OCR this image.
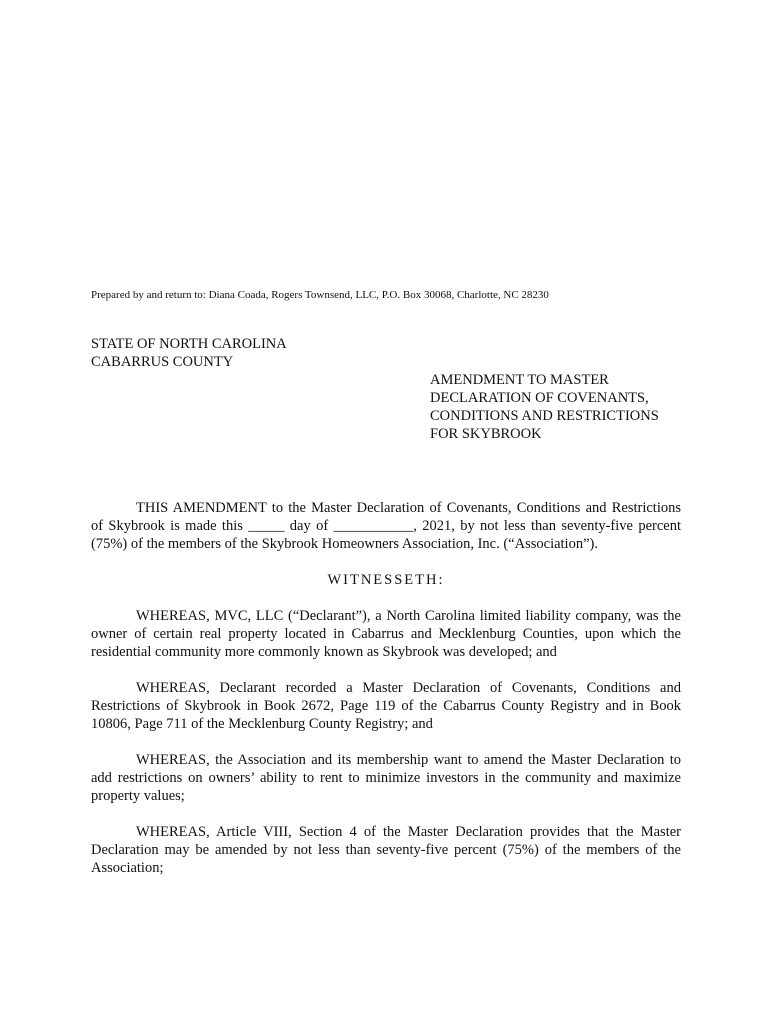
Prepared by and return to: Diana Coada, Rogers Townsend, LLC, P.O. Box 30068, Charlotte, NC 28230
STATE OF NORTH CAROLINA
CABARRUS COUNTY
AMENDMENT TO MASTER
DECLARATION OF COVENANTS,
CONDITIONS AND RESTRICTIONS
FOR SKYBROOK

THIS AMENDMENT to the Master Declaration of Covenants, Conditions and Restrictions of Skybrook is made this _____ day of ___________, 2021, by not less than seventy-five percent (75%) of the members of the Skybrook Homeowners Association, Inc. (“Association”).

WITNESSETH:

WHEREAS, MVC, LLC (“Declarant”), a North Carolina limited liability company, was the owner of certain real property located in Cabarrus and Mecklenburg Counties, upon which the residential community more commonly known as Skybrook was developed; and

WHEREAS, Declarant recorded a Master Declaration of Covenants, Conditions and Restrictions of Skybrook in Book 2672, Page 119 of the Cabarrus County Registry and in Book 10806, Page 711 of the Mecklenburg County Registry; and

WHEREAS, the Association and its membership want to amend the Master Declaration to add restrictions on owners’ ability to rent to minimize investors in the community and maximize property values;

WHEREAS, Article VIII, Section 4 of the Master Declaration provides that the Master Declaration may be amended by not less than seventy-five percent (75%) of the members of the Association;
